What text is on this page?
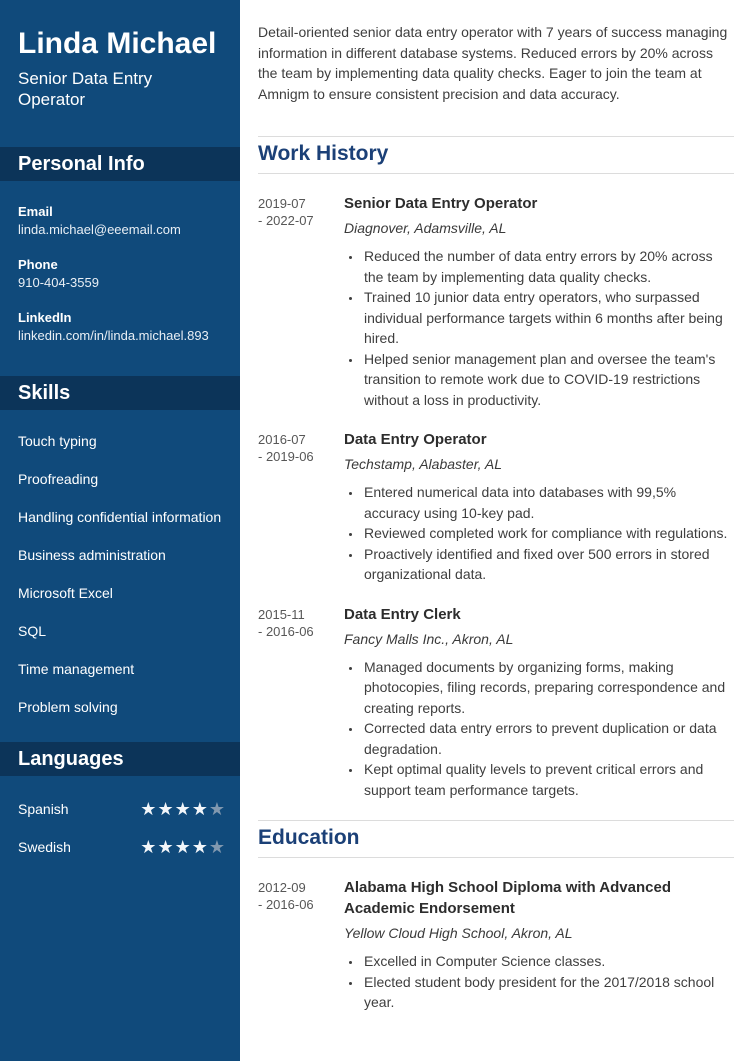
Linda Michael
Senior Data Entry Operator
Personal Info
Email
linda.michael@eeemail.com
Phone
910-404-3559
LinkedIn
linkedin.com/in/linda.michael.893
Skills
Touch typing
Proofreading
Handling confidential information
Business administration
Microsoft Excel
SQL
Time management
Problem solving
Languages
Spanish	★★★★★
Swedish	★★★★★

Detail-oriented senior data entry operator with 7 years of success managing information in different database systems. Reduced errors by 20% across the team by implementing data quality checks. Eager to join the team at Amnigm to ensure consistent precision and data accuracy.

Work History
2019-07
- 2022-07
Senior Data Entry Operator
Diagnover, Adamsville, AL
• Reduced the number of data entry errors by 20% across the team by implementing data quality checks.
• Trained 10 junior data entry operators, who surpassed individual performance targets within 6 months after being hired.
• Helped senior management plan and oversee the team's transition to remote work due to COVID-19 restrictions without a loss in productivity.
2016-07
- 2019-06
Data Entry Operator
Techstamp, Alabaster, AL
• Entered numerical data into databases with 99,5% accuracy using 10-key pad.
• Reviewed completed work for compliance with regulations.
• Proactively identified and fixed over 500 errors in stored organizational data.
2015-11
- 2016-06
Data Entry Clerk
Fancy Malls Inc., Akron, AL
• Managed documents by organizing forms, making photocopies, filing records, preparing correspondence and creating reports.
• Corrected data entry errors to prevent duplication or data degradation.
• Kept optimal quality levels to prevent critical errors and support team performance targets.
Education
2012-09
- 2016-06
Alabama High School Diploma with Advanced Academic Endorsement
Yellow Cloud High School, Akron, AL
• Excelled in Computer Science classes.
• Elected student body president for the 2017/2018 school year.
